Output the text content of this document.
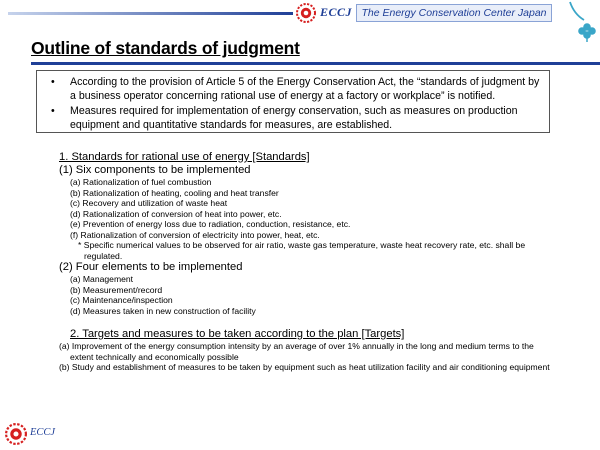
ECCJ The Energy Conservation Center Japan
Outline of standards of judgment
• According to the provision of Article 5 of the Energy Conservation Act, the “standards of judgment by a business operator concerning rational use of energy at a factory or workplace” is notified.
• Measures required for implementation of energy conservation, such as measures on production equipment and quantitative standards for measures, are established.

1. Standards for rational use of energy [Standards]

(1) Six components to be implemented

(a) Rationalization of fuel combustion
(b) Rationalization of heating, cooling and heat transfer
(c) Recovery and utilization of waste heat
(d) Rationalization of conversion of heat into power, etc.
(e) Prevention of energy loss due to radiation, conduction, resistance, etc.
(f) Rationalization of conversion of electricity into power, heat, etc.
* Specific numerical values to be observed for air ratio, waste gas temperature, waste heat recovery rate, etc. shall be regulated.

(2) Four elements to be implemented

(a) Management
(b) Measurement/record
(c) Maintenance/inspection
(d) Measures taken in new construction of facility

2. Targets and measures to be taken according to the plan [Targets]

(a) Improvement of the energy consumption intensity by an average of over 1% annually in the long and medium terms to the extent technically and economically possible
(b) Study and establishment of measures to be taken by equipment such as heat utilization facility and air conditioning equipment
ECCJ
